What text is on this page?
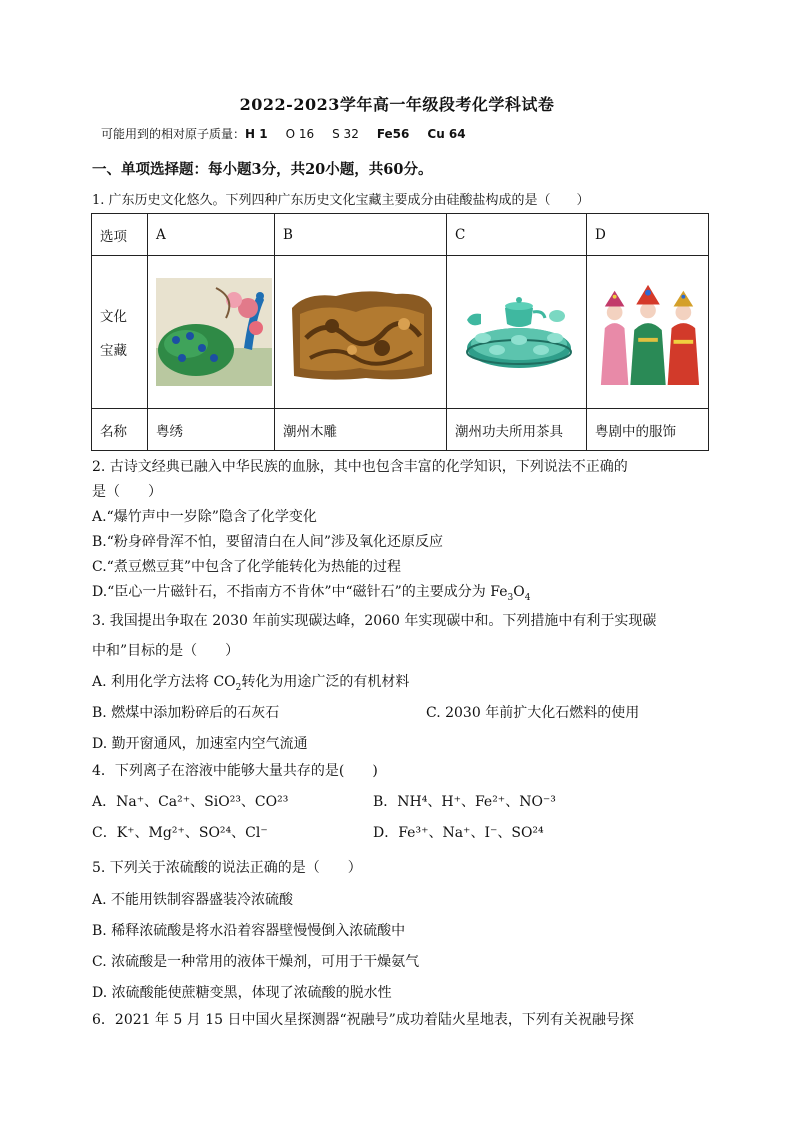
2022-2023学年高一年级段考化学科试卷
可能用到的相对原子质量：H 1 O 16 S 32 Fe56 Cu 64
一、单项选择题：每小题3分，共20小题，共60分。
1. 广东历史文化悠久。下列四种广东历史文化宝藏主要成分由硅酸盐构成的是（　　）
选项	A	B	C	D

文化
宝藏

名称	粤绣	潮州木雕	潮州功夫所用茶具	粤剧中的服饰
2. 古诗文经典已融入中华民族的血脉，其中也包含丰富的化学知识，下列说法不正确的
是（　　）
A.“爆竹声中一岁除”隐含了化学变化
B.“粉身碎骨浑不怕，要留清白在人间”涉及氧化还原反应
C.“煮豆燃豆萁”中包含了化学能转化为热能的过程
D.“臣心一片磁针石，不指南方不肯休”中“磁针石”的主要成分为 $Fe_3O_4$
3. 我国提出争取在 2030 年前实现碳达峰，2060 年实现碳中和。下列措施中有利于实现碳
中和”目标的是（　　）
A. 利用化学方法将 $CO_2$转化为用途广泛的有机材料
B. 燃煤中添加粉碎后的石灰石	C. 2030 年前扩大化石燃料的使用
D. 勤开窗通风，加速室内空气流通
4．下列离子在溶液中能够大量共存的是(　　)
A．Na⁺、Ca²⁺、SiO²³、CO²³	B．NH⁴、H⁺、Fe²⁺、NO⁻³
C．K⁺、Mg²⁺、SO²⁴、Cl⁻	D．Fe³⁺、Na⁺、I⁻、SO²⁴
5. 下列关于浓硫酸的说法正确的是（　　）
A. 不能用铁制容器盛装冷浓硫酸
B. 稀释浓硫酸是将水沿着容器壁慢慢倒入浓硫酸中
C. 浓硫酸是一种常用的液体干燥剂，可用于干燥氨气
D. 浓硫酸能使蔗糖变黑，体现了浓硫酸的脱水性
6．2021 年 5 月 15 日中国火星探测器“祝融号”成功着陆火星地表，下列有关祝融号探
